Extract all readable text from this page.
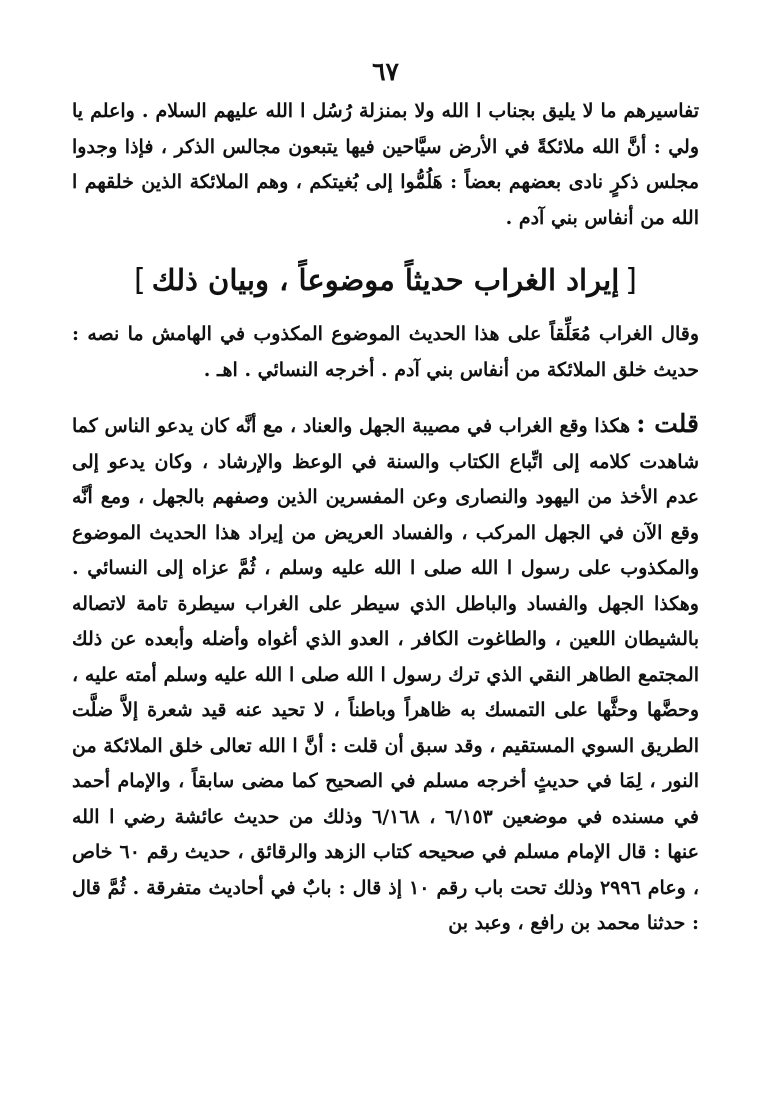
٦٧

تفاسيرهم ما لا يليق بجناب ا الله ولا بمنزلة رُسُل ا الله عليهم السلام . واعلم يا ولي : أنَّ الله ملائكةً في الأرض سيَّاحين فيها يتبعون مجالس الذكر ، فإذا وجدوا مجلس ذكرٍ نادى بعضهم بعضاً : هَلُمُّوا إلى بُغيتكم ، وهم الملائكة الذين خلقهم ا الله من أنفاس بني آدم .

[إيراد الغراب حديثاً موضوعاً ، وبيان ذلك]

وقال الغراب مُعَلِّقاً على هذا الحديث الموضوع المكذوب في الهامش ما نصه : حديث خلق الملائكة من أنفاس بني آدم . أخرجه النسائي . اهـ .

قلت :هكذا وقع الغراب في مصيبة الجهل والعناد ، مع أنَّه كان يدعو الناس كما شاهدت كلامه إلى اتِّباع الكتاب والسنة في الوعظ والإرشاد ، وكان يدعو إلى عدم الأخذ من اليهود والنصارى وعن المفسرين الذين وصفهم بالجهل ، ومع أنَّه وقع الآن في الجهل المركب ، والفساد العريض من إيراد هذا الحديث الموضوع والمكذوب على رسول ا الله صلى ا الله عليه وسلم ، ثُمَّ عزاه إلى النسائي . وهكذا الجهل والفساد والباطل الذي سيطر على الغراب سيطرة تامة لاتصاله بالشيطان اللعين ، والطاغوت الكافر ، العدو الذي أغواه وأضله وأبعده عن ذلك المجتمع الطاهر النقي الذي ترك رسول ا الله صلى ا الله عليه وسلم أمته عليه ، وحضَّها وحثَّها على التمسك به ظاهراً وباطناً ، لا تحيد عنه قيد شعرة إلاَّ ضلَّت الطريق السوي المستقيم ، وقد سبق أن قلت : أنَّ ا الله تعالى خلق الملائكة من النور ، لِمَا في حديثٍ أخرجه مسلم في الصحيح كما مضى سابقاً ، والإمام أحمد في مسنده في موضعين ٦/١٥٣ ، ٦/١٦٨ وذلك من حديث عائشة رضي ا الله عنها : قال الإمام مسلم في صحيحه كتاب الزهد والرقائق ، حديث رقم ٦٠ خاص ، وعام ٢٩٩٦ وذلك تحت باب رقم ١٠ إذ قال : بابٌ في أحاديث متفرقة . ثُمَّ قال : حدثنا محمد بن رافع ، وعبد بن
